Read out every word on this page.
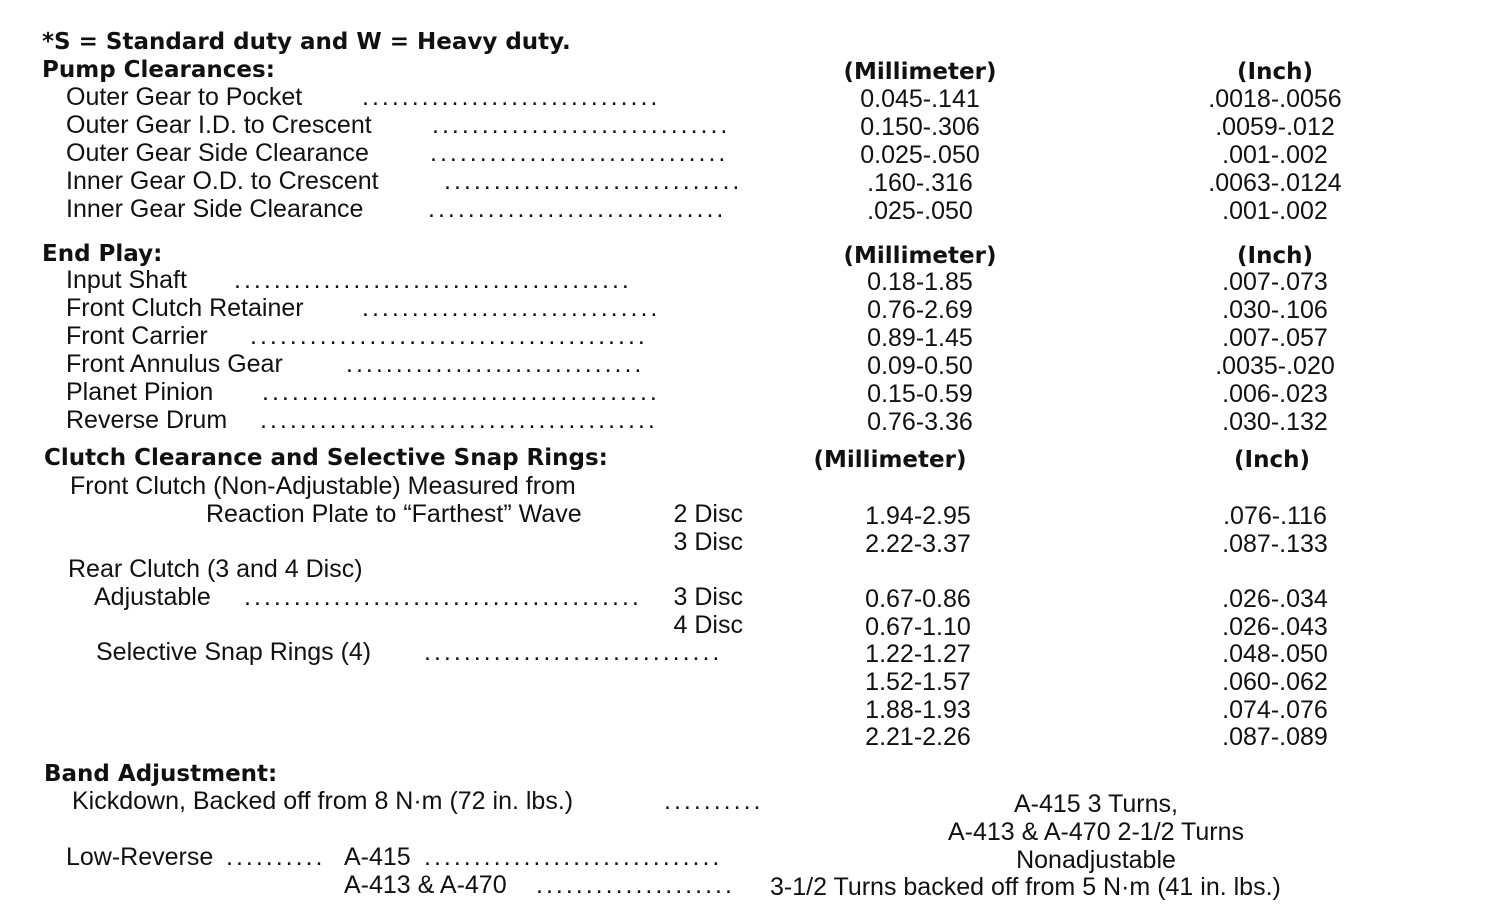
*S = Standard duty and W = Heavy duty.
Pump Clearances:	(Millimeter)	(Inch)
Outer Gear to Pocket ..............................	0.045-.141	.0018-.0056
Outer Gear I.D. to Crescent ..............................	0.150-.306	.0059-.012
Outer Gear Side Clearance ..............................	0.025-.050	.001-.002
Inner Gear O.D. to Crescent	..............................	.160-.316	.0063-.0124
Inner Gear Side Clearance	..............................	.025-.050	.001-.002
End Play:	(Millimeter)	(Inch)
Input Shaft ........................................	0.18-1.85	.007-.073
Front Clutch Retainer ..............................	0.76-2.69	.030-.106
Front Carrier ........................................	0.89-1.45	.007-.057
Front Annulus Gear	..............................	0.09-0.50	.0035-.020
Planet Pinion ........................................	0.15-0.59	.006-.023
Reverse Drum ........................................	0.76-3.36	.030-.132
Clutch Clearance and Selective Snap Rings:	(Millimeter)	(Inch)
Front Clutch (Non-Adjustable) Measured from
Reaction Plate to “Farthest” Wave	2 Disc	1.94-2.95	.076-.116
3 Disc	2.22-3.37	.087-.133
Rear Clutch (3 and 4 Disc)
Adjustable ........................................	3 Disc	0.67-0.86	.026-.034
4 Disc	0.67-1.10	.026-.043
Selective Snap Rings (4) ..............................	1.22-1.27	.048-.050
1.52-1.57	.060-.062
1.88-1.93	.074-.076
2.21-2.26	.087-.089
Band Adjustment:
Kickdown, Backed off from 8 N·m (72 in. lbs.)	..........	A-415 3 Turns,
A-413 & A-470 2-1/2 Turns
Low-Reverse .......... A-415 ..............................	Nonadjustable
A-413 & A-470 .................... 3-1/2 Turns backed off from 5 N·m (41 in. lbs.)
